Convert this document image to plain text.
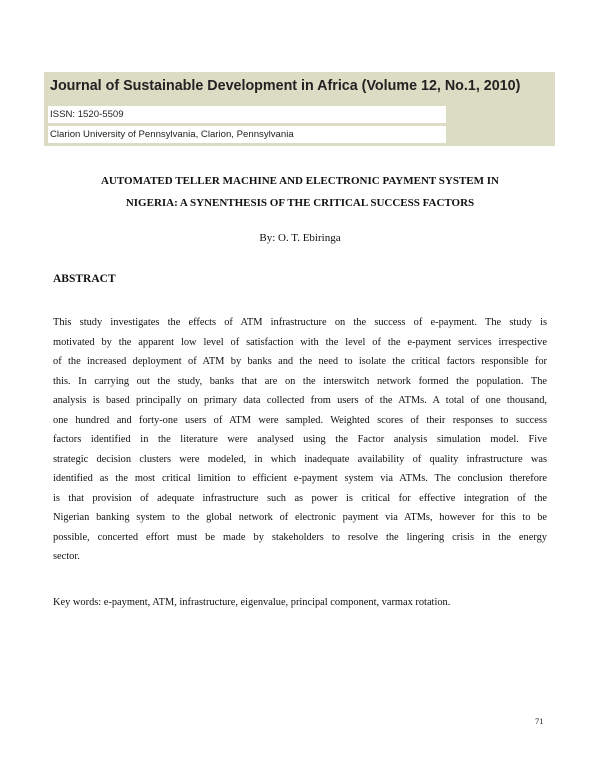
Journal of Sustainable Development in Africa (Volume 12, No.1, 2010)
ISSN: 1520-5509
Clarion University of Pennsylvania, Clarion, Pennsylvania
AUTOMATED TELLER MACHINE AND ELECTRONIC PAYMENT SYSTEM IN
NIGERIA: A SYNENTHESIS OF THE CRITICAL SUCCESS FACTORS
By: O. T. Ebiringa
ABSTRACT
This study investigates the effects of ATM infrastructure on the success of e-payment. The study is
motivated by the apparent low level of satisfaction with the level of the e-payment services irrespective
of the increased deployment of ATM by banks and the need to isolate the critical factors responsible for
this. In carrying out the study, banks that are on the interswitch network formed the population. The
analysis is based principally on primary data collected from users of the ATMs. A total of one thousand,
one hundred and forty-one users of ATM were sampled. Weighted scores of their responses to success
factors identified in the literature were analysed using the Factor analysis simulation model. Five
strategic decision clusters were modeled, in which inadequate availability of quality infrastructure was
identified as the most critical limition to efficient e-payment system via ATMs. The conclusion therefore
is that provision of adequate infrastructure such as power is critical for effective integration of the
Nigerian banking system to the global network of electronic payment via ATMs, however for this to be
possible, concerted effort must be made by stakeholders to resolve the lingering crisis in the energy
sector.
Key words: e-payment, ATM, infrastructure, eigenvalue, principal component, varmax rotation.
71
